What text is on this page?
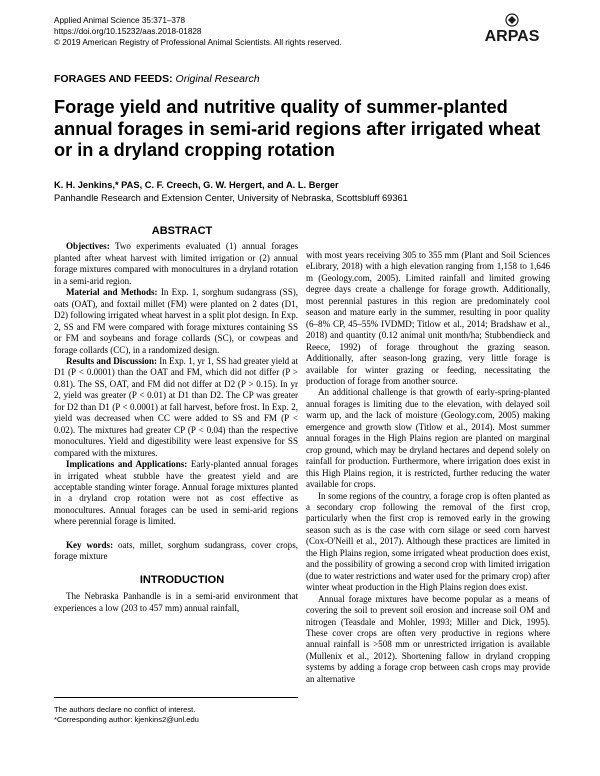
Applied Animal Science 35:371–378
https://doi.org/10.15232/aas.2018-01828
© 2019 American Registry of Professional Animal Scientists. All rights reserved.	ARPAS
FORAGES AND FEEDS: Original Research
Forage yield and nutritive quality of summer-planted annual forages in semi-arid regions after irrigated wheat or in a dryland cropping rotation
K. H. Jenkins,* PAS, C. F. Creech, G. W. Hergert, and A. L. Berger
Panhandle Research and Extension Center, University of Nebraska, Scottsbluff 69361

ABSTRACT

Objectives: Two experiments evaluated (1) annual forages planted after wheat harvest with limited irrigation or (2) annual forage mixtures compared with monocultures in a dryland rotation in a semi-arid region.

Material and Methods: In Exp. 1, sorghum sudangrass (SS), oats (OAT), and foxtail millet (FM) were planted on 2 dates (D1, D2) following irrigated wheat harvest in a split plot design. In Exp. 2, SS and FM were compared with forage mixtures containing SS or FM and soybeans and forage collards (SC), or cowpeas and forage collards (CC), in a randomized design.

Results and Discussion: In Exp. 1, yr 1, SS had greater yield at D1 (P < 0.0001) than the OAT and FM, which did not differ (P > 0.81). The SS, OAT, and FM did not differ at D2 (P > 0.15). In yr 2, yield was greater (P < 0.01) at D1 than D2. The CP was greater for D2 than D1 (P < 0.0001) at fall harvest, before frost. In Exp. 2, yield was decreased when CC were added to SS and FM (P < 0.02). The mixtures had greater CP (P < 0.04) than the respective monocultures. Yield and digestibility were least expensive for SS compared with the mixtures.

Implications and Applications: Early-planted annual forages in irrigated wheat stubble have the greatest yield and are acceptable standing winter forage. Annual forage mixtures planted in a dryland crop rotation were not as cost effective as monocultures. Annual forages can be used in semi-arid regions where perennial forage is limited.

Key words: oats, millet, sorghum sudangrass, cover crops, forage mixture

INTRODUCTION

The Nebraska Panhandle is in a semi-arid environment that experiences a low (203 to 457 mm) annual rainfall,

with most years receiving 305 to 355 mm (Plant and Soil Sciences eLibrary, 2018) with a high elevation ranging from 1,158 to 1,646 m (Geology.com, 2005). Limited rainfall and limited growing degree days create a challenge for forage growth. Additionally, most perennial pastures in this region are predominately cool season and mature early in the summer, resulting in poor quality (6–8% CP, 45–55% IVDMD; Titlow et al., 2014; Bradshaw et al., 2018) and quantity (0.12 animal unit month/ha; Stubbendieck and Reece, 1992) of forage throughout the grazing season. Additionally, after season-long grazing, very little forage is available for winter grazing or feeding, necessitating the production of forage from another source.

An additional challenge is that growth of early-spring-planted annual forages is limiting due to the elevation, with delayed soil warm up, and the lack of moisture (Geology.com, 2005) making emergence and growth slow (Titlow et al., 2014). Most summer annual forages in the High Plains region are planted on marginal crop ground, which may be dryland hectares and depend solely on rainfall for production. Furthermore, where irrigation does exist in this High Plains region, it is restricted, further reducing the water available for crops.

In some regions of the country, a forage crop is often planted as a secondary crop following the removal of the first crop, particularly when the first crop is removed early in the growing season such as is the case with corn silage or seed corn harvest (Cox-O'Neill et al., 2017). Although these practices are limited in the High Plains region, some irrigated wheat production does exist, and the possibility of growing a second crop with limited irrigation (due to water restrictions and water used for the primary crop) after winter wheat production in the High Plains region does exist.

Annual forage mixtures have become popular as a means of covering the soil to prevent soil erosion and increase soil OM and nitrogen (Teasdale and Mohler, 1993; Miller and Dick, 1995). These cover crops are often very productive in regions where annual rainfall is >508 mm or unrestricted irrigation is available (Mullenix et al., 2012). Shortening fallow in dryland cropping systems by adding a forage crop between cash crops may provide an alternative

The authors declare no conflict of interest.
*Corresponding author: kjenkins2@unl.edu
